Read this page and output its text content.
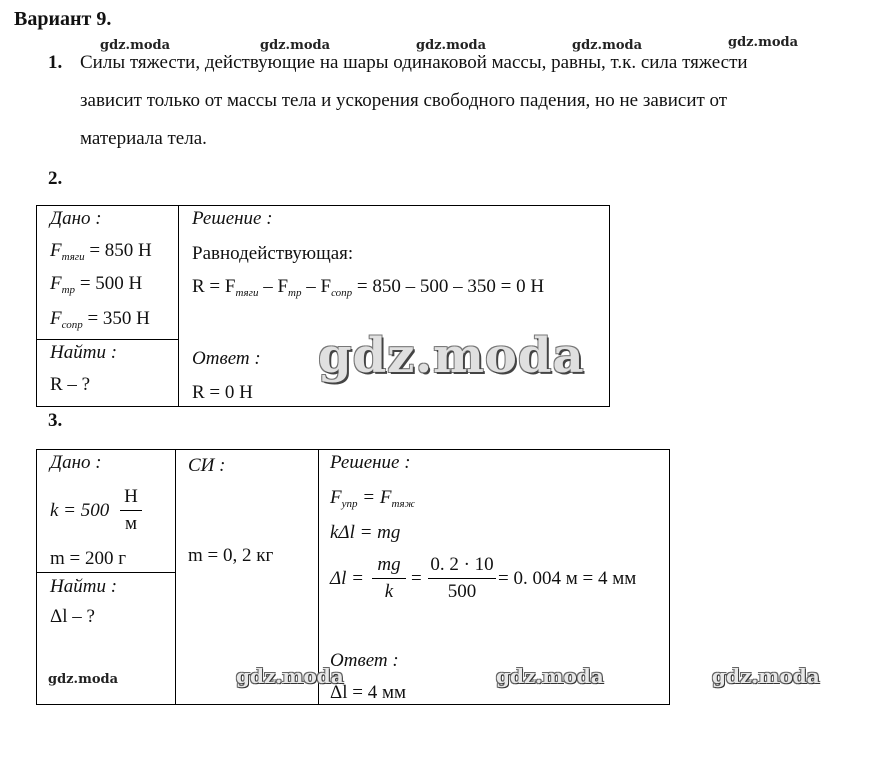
Вариант 9.
gdz.moda	gdz.moda	gdz.moda	gdz.moda	gdz.moda
1. Силы тяжести, действующие на шары одинаковой массы, равны, т.к. сила тяжести
зависит только от массы тела и ускорения свободного падения, но не зависит от
материала тела.
2.
Дано :
$F_{тяги} = 850$ Н
$F_{тр} = 500$ Н
$F_{сопр} = 350$ Н
Найти :
R – ?
Решение :
Равнодействующая:
$R = F_{тяги} - F_{тр} - F_{сопр} = 850 - 500 - 350 = 0$ Н
Ответ :
R = 0 Н
gdz.moda
3.
Дано :
k = 500
Н
м
m = 200 г
Найти :
Δl – ?
СИ :
m = 0, 2 кг
Решение :
$F_{упр} = F_{тяж}$
kΔl = mg
Δl =
mg
k
=
0. 2 · 10
500
= 0. 004 м = 4 мм
Ответ :
Δl = 4 мм
gdz.moda	gdz.moda	gdz.moda	gdz.moda
